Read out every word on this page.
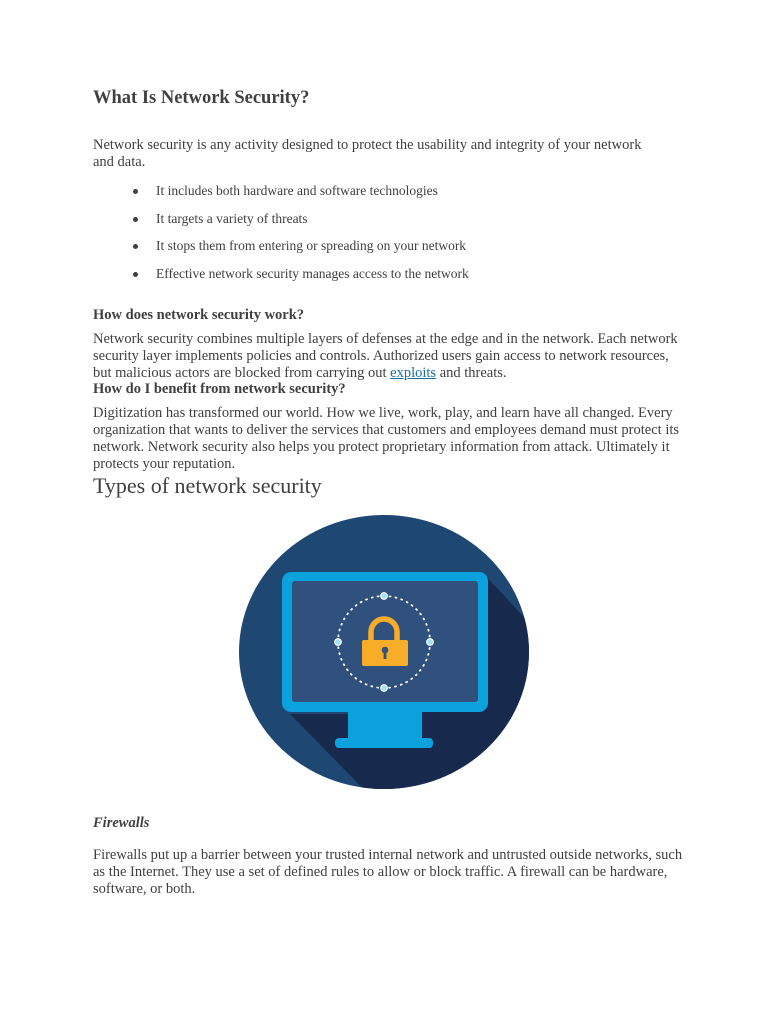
What Is Network Security?

Network security is any activity designed to protect the usability and integrity of your network and data.

It includes both hardware and software technologies
It targets a variety of threats
It stops them from entering or spreading on your network
Effective network security manages access to the network
How does network security work?

Network security combines multiple layers of defenses at the edge and in the network. Each network security layer implements policies and controls. Authorized users gain access to network resources, but malicious actors are blocked from carrying out exploits and threats.

How do I benefit from network security?

Digitization has transformed our world. How we live, work, play, and learn have all changed. Every organization that wants to deliver the services that customers and employees demand must protect its network. Network security also helps you protect proprietary information from attack. Ultimately it protects your reputation.

Types of network security

Firewalls

Firewalls put up a barrier between your trusted internal network and untrusted outside networks, such as the Internet. They use a set of defined rules to allow or block traffic. A firewall can be hardware, software, or both.
